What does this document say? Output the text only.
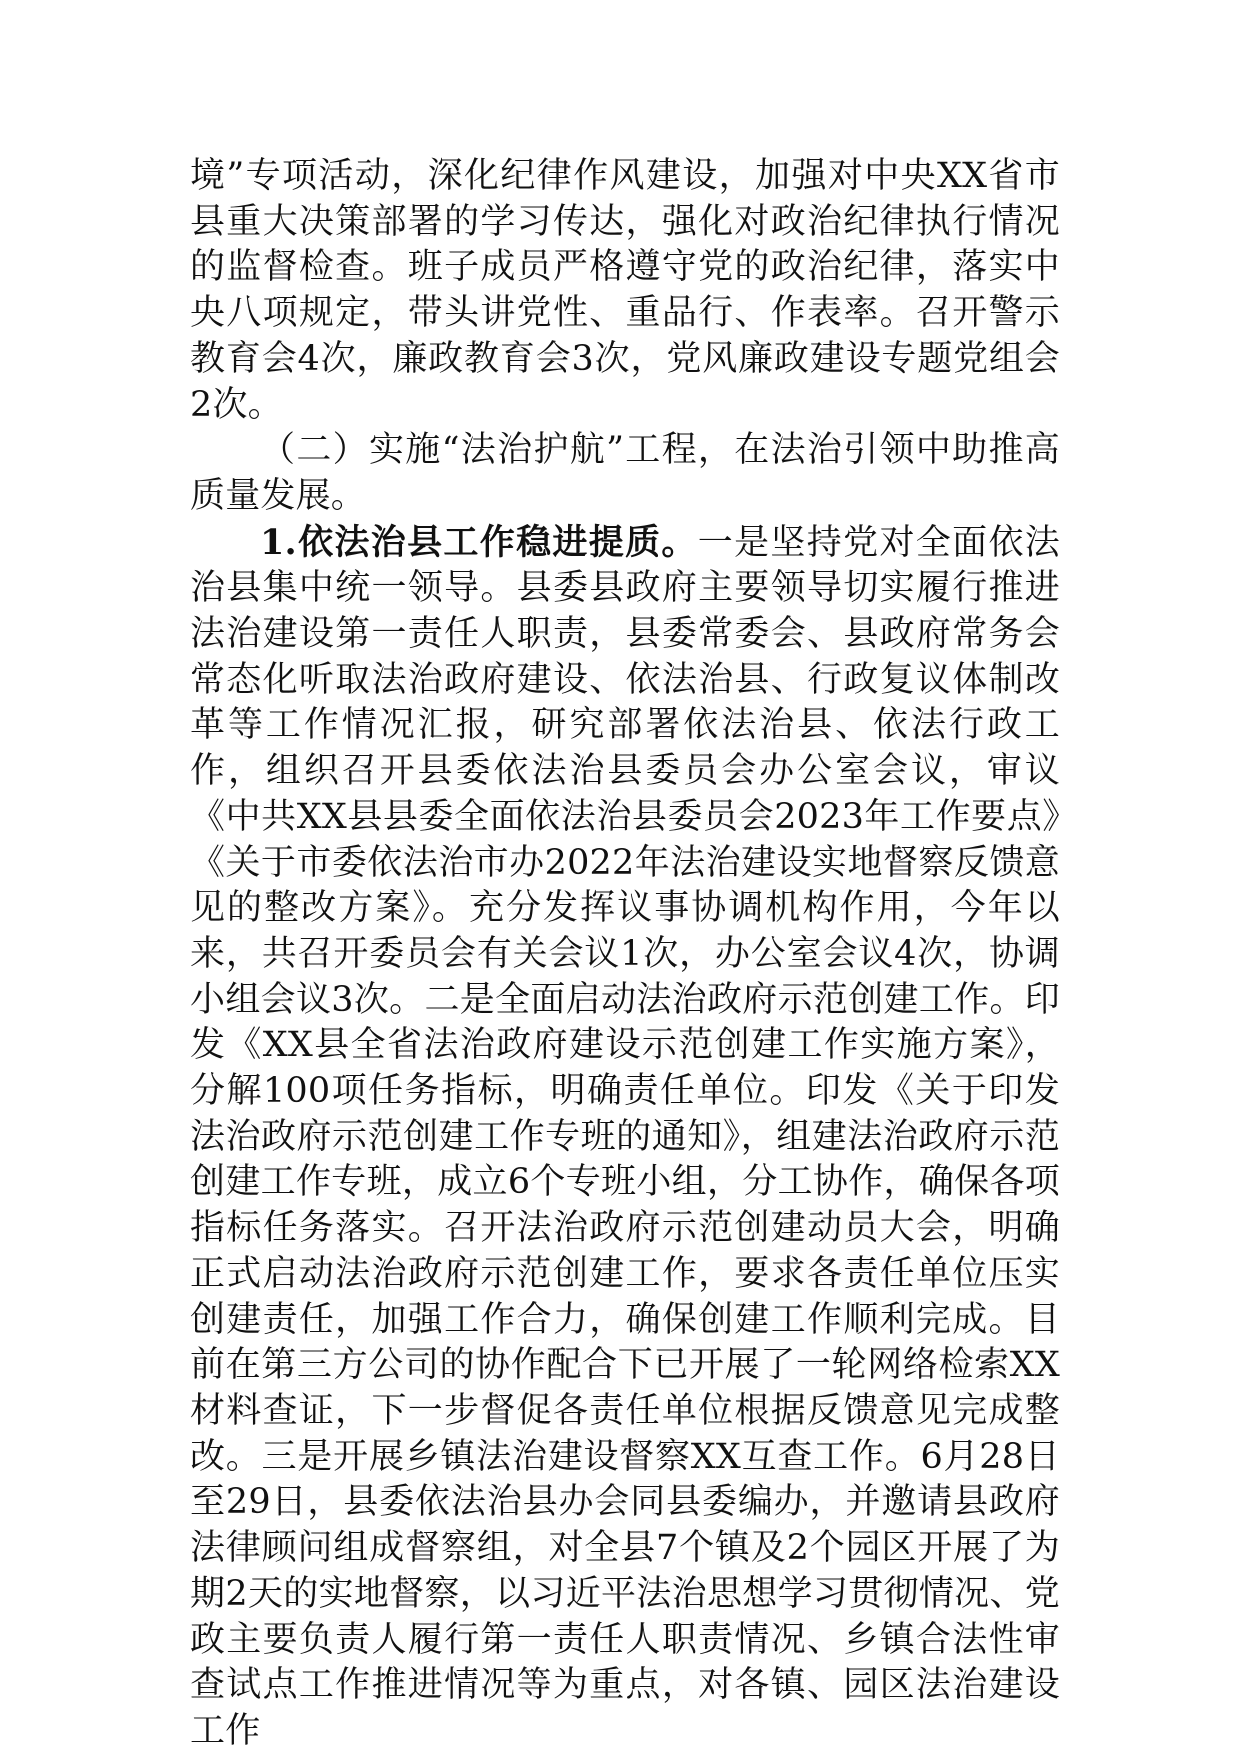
境”专项活动，深化纪律作风建设，加强对中央XX省市县重大决策部署的学习传达，强化对政治纪律执行情况的监督检查。班子成员严格遵守党的政治纪律，落实中央八项规定，带头讲党性、重品行、作表率。召开警示教育会4次，廉政教育会3次，党风廉政建设专题党组会2次。

（二）实施“法治护航”工程，在法治引领中助推高质量发展。

1.依法治县工作稳进提质。一是坚持党对全面依法治县集中统一领导。县委县政府主要领导切实履行推进法治建设第一责任人职责，县委常委会、县政府常务会常态化听取法治政府建设、依法治县、行政复议体制改革等工作情况汇报，研究部署依法治县、依法行政工作，组织召开县委依法治县委员会办公室会议，审议《中共XX县县委全面依法治县委员会2023年工作要点》《关于市委依法治市办2022年法治建设实地督察反馈意见的整改方案》。充分发挥议事协调机构作用，今年以来，共召开委员会有关会议1次，办公室会议4次，协调小组会议3次。二是全面启动法治政府示范创建工作。印发《XX县全省法治政府建设示范创建工作实施方案》，分解100项任务指标，明确责任单位。印发《关于印发法治政府示范创建工作专班的通知》，组建法治政府示范创建工作专班，成立6个专班小组，分工协作，确保各项指标任务落实。召开法治政府示范创建动员大会，明确正式启动法治政府示范创建工作，要求各责任单位压实创建责任，加强工作合力，确保创建工作顺利完成。目前在第三方公司的协作配合下已开展了一轮网络检索XX材料查证，下一步督促各责任单位根据反馈意见完成整改。三是开展乡镇法治建设督察XX互查工作。6月28日至29日，县委依法治县办会同县委编办，并邀请县政府法律顾问组成督察组，对全县7个镇及2个园区开展了为期2天的实地督察，以习近平法治思想学习贯彻情况、党政主要负责人履行第一责任人职责情况、乡镇合法性审查试点工作推进情况等为重点，对各镇、园区法治建设工作
